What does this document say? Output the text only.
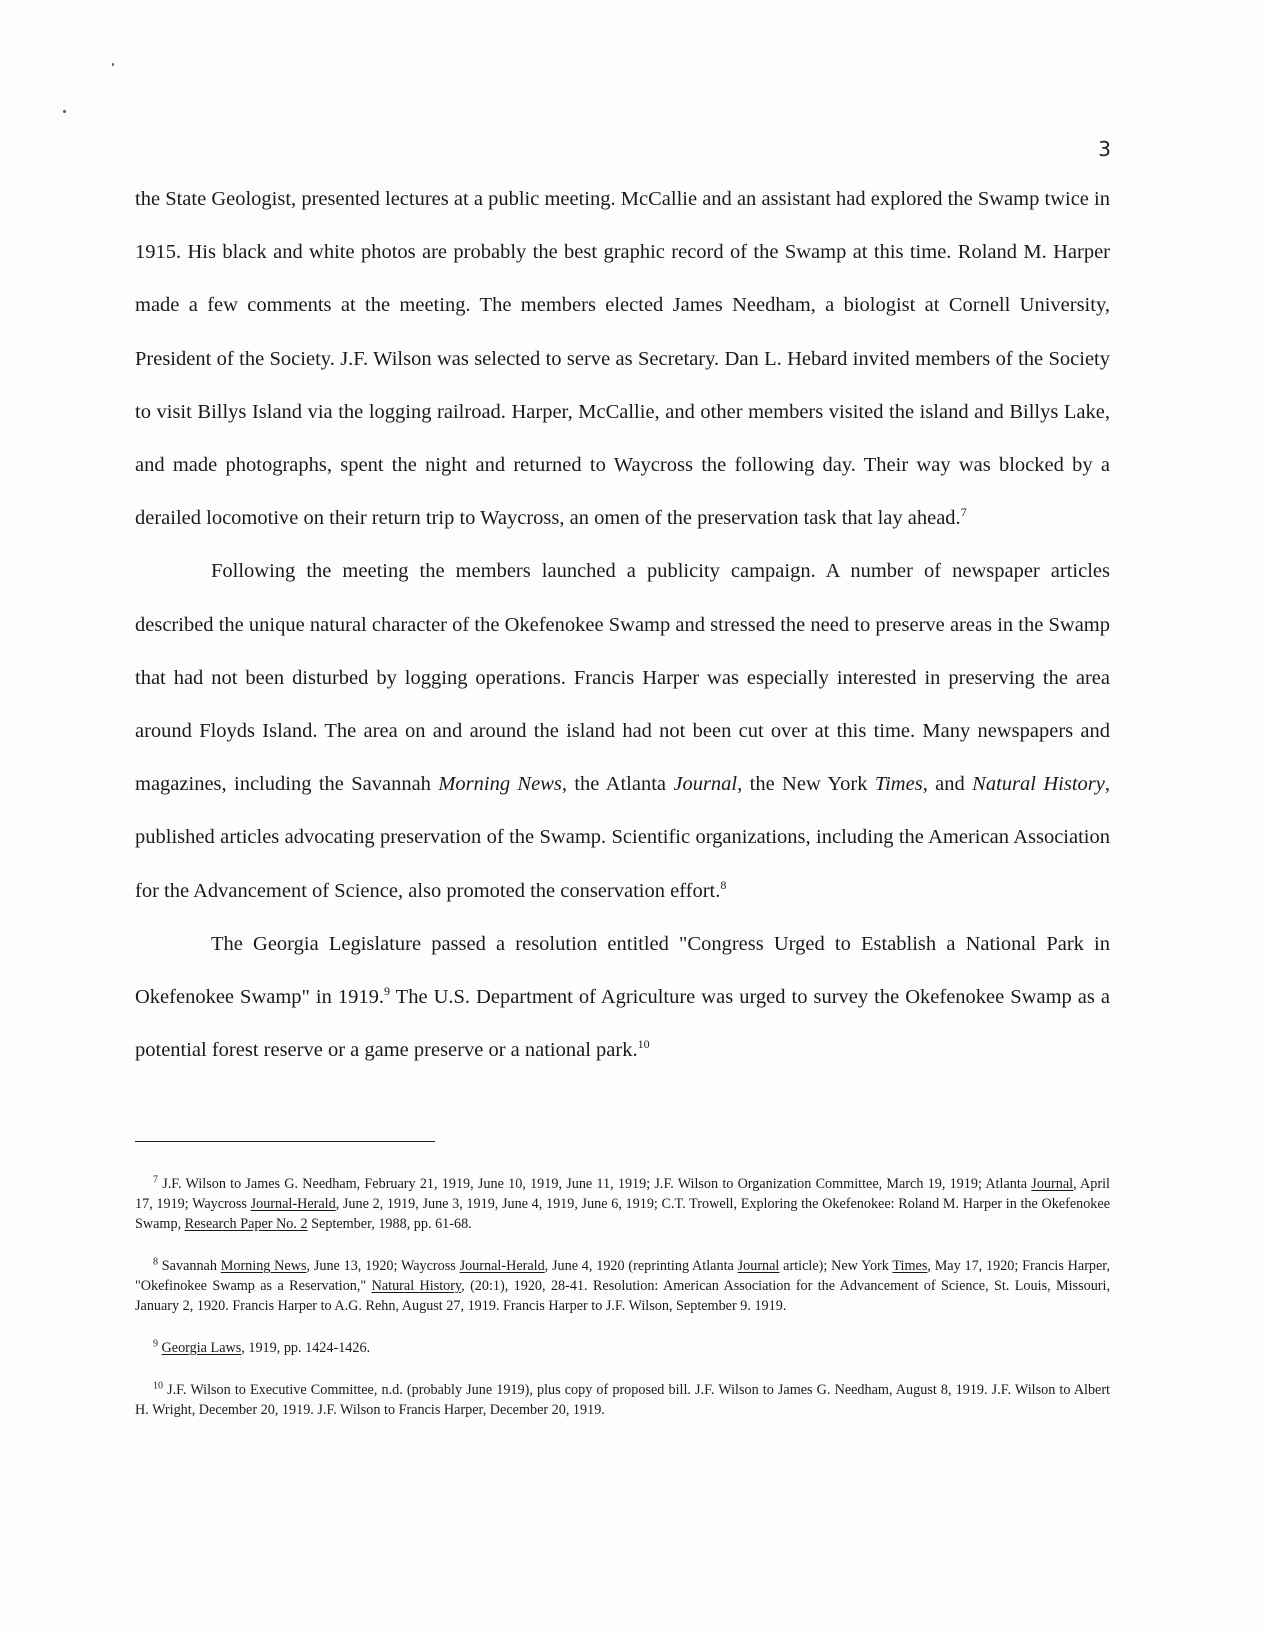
3

the State Geologist, presented lectures at a public meeting. McCallie and an assistant had explored the Swamp twice in 1915. His black and white photos are probably the best graphic record of the Swamp at this time. Roland M. Harper made a few comments at the meeting. The members elected James Needham, a biologist at Cornell University, President of the Society. J.F. Wilson was selected to serve as Secretary. Dan L. Hebard invited members of the Society to visit Billys Island via the logging railroad. Harper, McCallie, and other members visited the island and Billys Lake, and made photographs, spent the night and returned to Waycross the following day. Their way was blocked by a derailed locomotive on their return trip to Waycross, an omen of the preservation task that lay ahead.$^7$

Following the meeting the members launched a publicity campaign. A number of newspaper articles described the unique natural character of the Okefenokee Swamp and stressed the need to preserve areas in the Swamp that had not been disturbed by logging operations. Francis Harper was especially interested in preserving the area around Floyds Island. The area on and around the island had not been cut over at this time. Many newspapers and magazines, including the Savannah Morning News, the Atlanta Journal, the New York Times, and Natural History, published articles advocating preservation of the Swamp. Scientific organizations, including the American Association for the Advancement of Science, also promoted the conservation effort.$^8$

The Georgia Legislature passed a resolution entitled "Congress Urged to Establish a National Park in Okefenokee Swamp" in 1919.$^9$ The U.S. Department of Agriculture was urged to survey the Okefenokee Swamp as a potential forest reserve or a game preserve or a national park.$^{10}$

$^7$ J.F. Wilson to James G. Needham, February 21, 1919, June 10, 1919, June 11, 1919; J.F. Wilson to Organization Committee, March 19, 1919; Atlanta Journal, April 17, 1919; Waycross Journal-Herald, June 2, 1919, June 3, 1919, June 4, 1919, June 6, 1919; C.T. Trowell, Exploring the Okefenokee: Roland M. Harper in the Okefenokee Swamp, Research Paper No. 2 September, 1988, pp. 61-68.

$^8$ Savannah Morning News, June 13, 1920; Waycross Journal-Herald, June 4, 1920 (reprinting Atlanta Journal article); New York Times, May 17, 1920; Francis Harper, "Okefinokee Swamp as a Reservation," Natural History, (20:1), 1920, 28-41. Resolution: American Association for the Advancement of Science, St. Louis, Missouri, January 2, 1920. Francis Harper to A.G. Rehn, August 27, 1919. Francis Harper to J.F. Wilson, September 9. 1919.

$^9$ Georgia Laws, 1919, pp. 1424-1426.

$^{10}$ J.F. Wilson to Executive Committee, n.d. (probably June 1919), plus copy of proposed bill. J.F. Wilson to James G. Needham, August 8, 1919. J.F. Wilson to Albert H. Wright, December 20, 1919. J.F. Wilson to Francis Harper, December 20, 1919.
